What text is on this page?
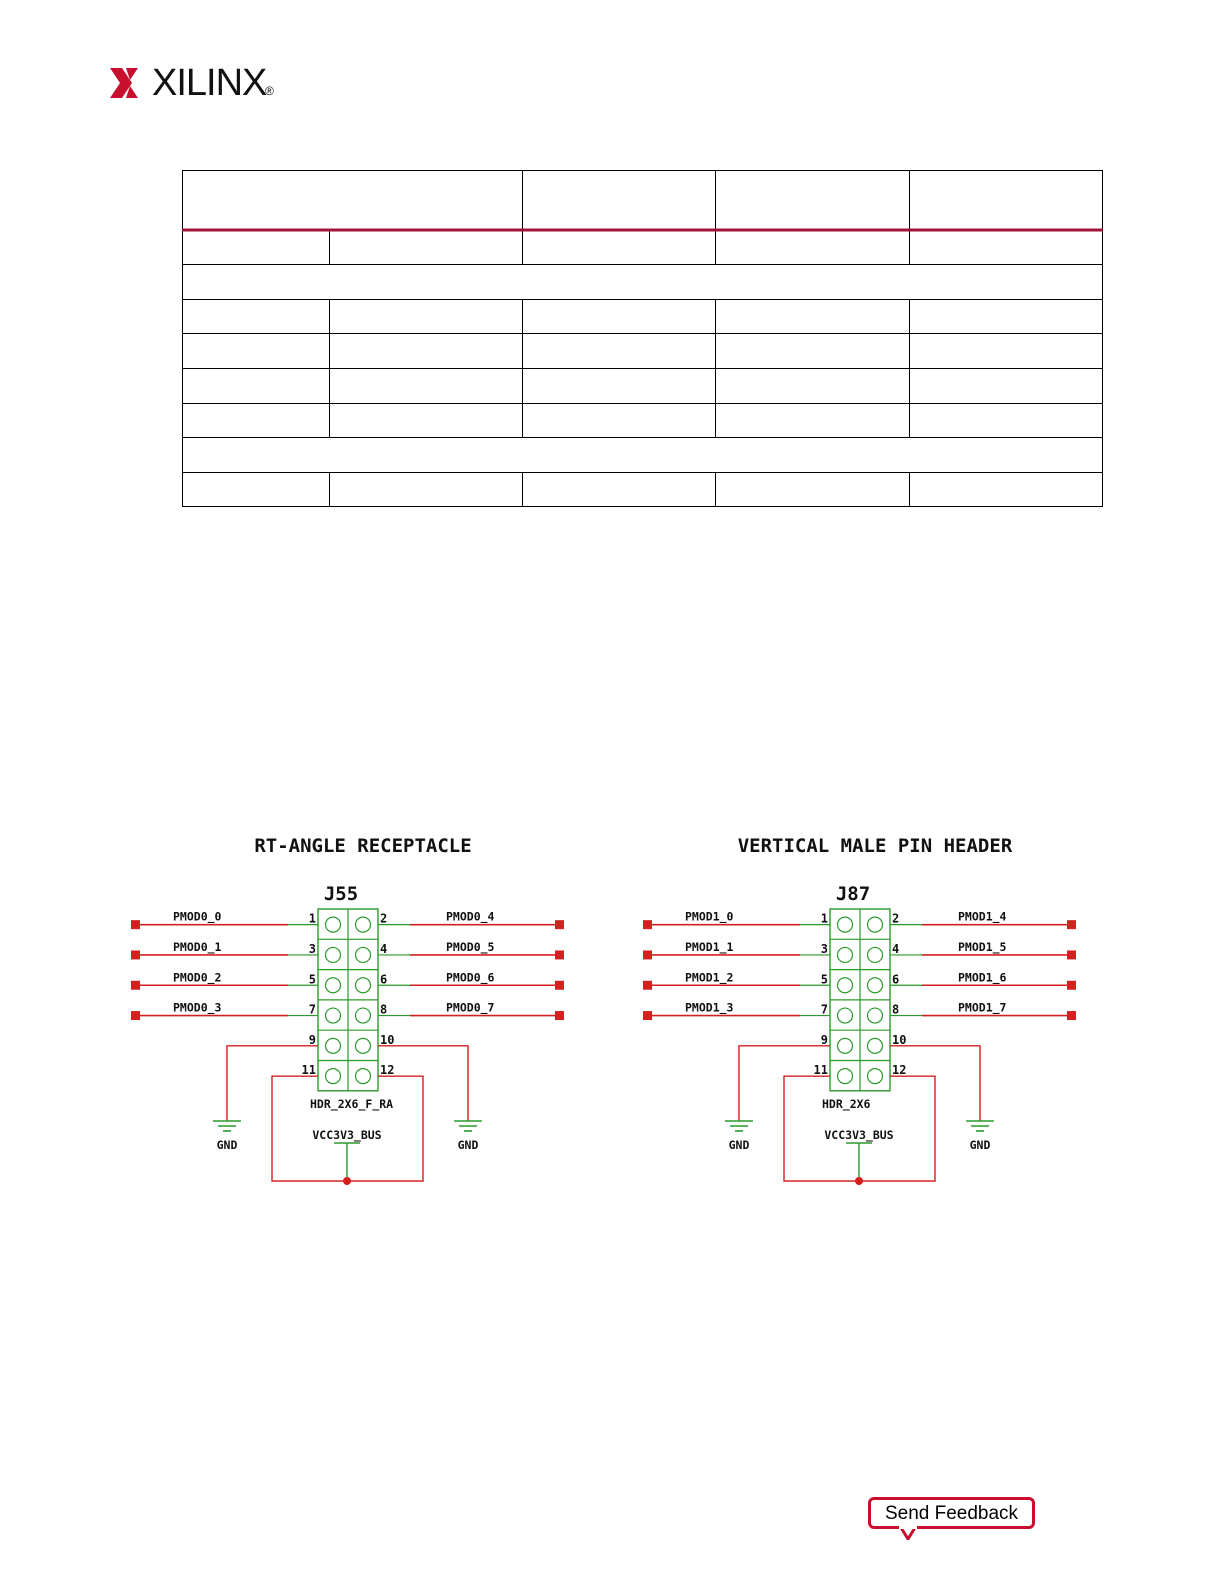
XILINX
®
RT-ANGLE RECEPTACLE
J55
1	2
3	4
5	6
7	8
9	10
11	12
PMOD0_0	PMOD0_4
PMOD0_1	PMOD0_5
PMOD0_2	PMOD0_6
PMOD0_3	PMOD0_7
GND	GND
VCC3V3_BUS
HDR_2X6_F_RA
VERTICAL MALE PIN HEADER
J87
1	2
3	4
5	6
7	8
9	10
11	12
PMOD1_0	PMOD1_4
PMOD1_1	PMOD1_5
PMOD1_2	PMOD1_6
PMOD1_3	PMOD1_7
GND	GND
VCC3V3_BUS
HDR_2X6
Send Feedback
